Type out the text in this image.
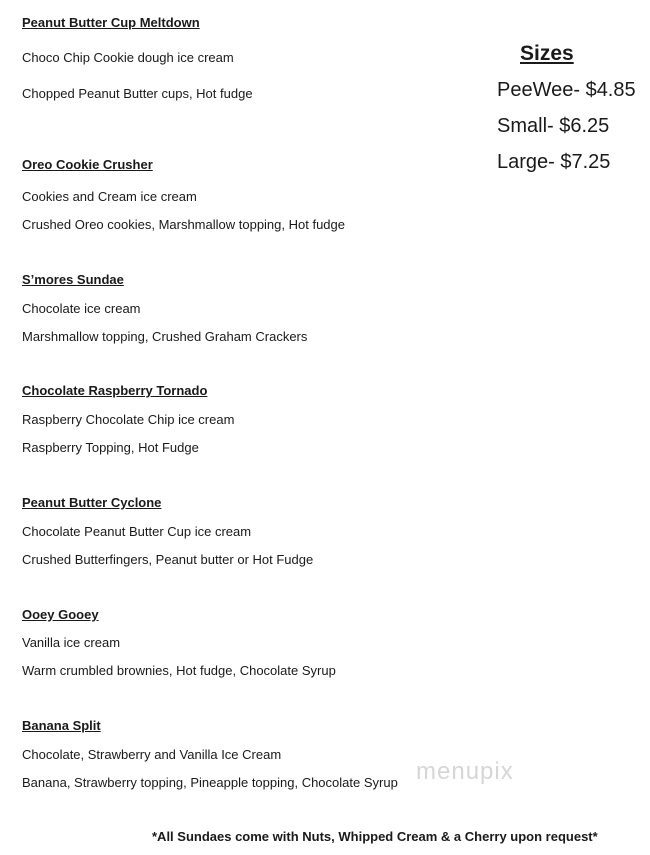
Peanut Butter Cup Meltdown
Choco Chip Cookie dough ice cream
Chopped Peanut Butter cups, Hot fudge
Oreo Cookie Crusher
Cookies and Cream ice cream
Crushed Oreo cookies, Marshmallow topping, Hot fudge
S’mores Sundae
Chocolate ice cream
Marshmallow topping, Crushed Graham Crackers
Chocolate Raspberry Tornado
Raspberry Chocolate Chip ice cream
Raspberry Topping, Hot Fudge
Peanut Butter Cyclone
Chocolate Peanut Butter Cup ice cream
Crushed Butterfingers, Peanut butter or Hot Fudge
Ooey Gooey
Vanilla ice cream
Warm crumbled brownies, Hot fudge, Chocolate Syrup
Banana Split
Chocolate, Strawberry and Vanilla Ice Cream
Banana, Strawberry topping, Pineapple topping, Chocolate Syrup
Sizes
PeeWee- $4.85
Small- $6.25
Large- $7.25
menupix
*All Sundaes come with Nuts, Whipped Cream & a Cherry upon request*
